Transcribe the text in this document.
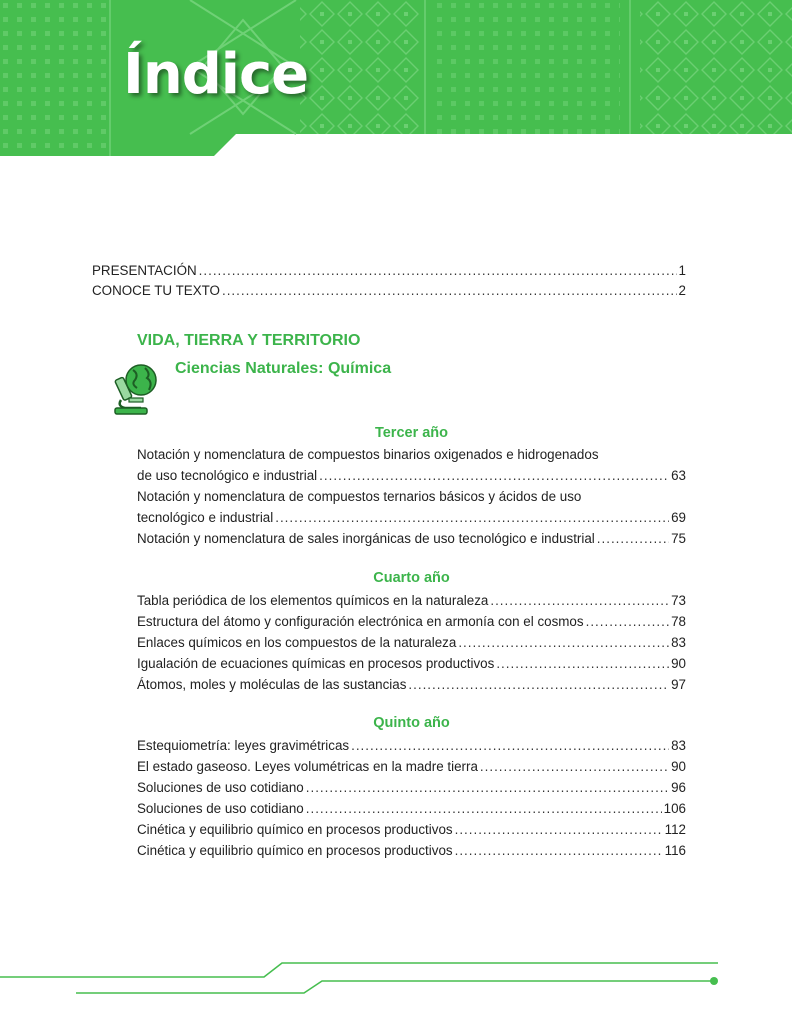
Índice
PRESENTACIÓN .....	1
CONOCE TU TEXTO .....	2
VIDA, TIERRA Y TERRITORIO
Ciencias Naturales: Química
Tercer año
Notación y nomenclatura de compuestos binarios oxigenados e hidrogenados
de uso tecnológico e industrial .....	63
Notación y nomenclatura de compuestos ternarios básicos y ácidos de uso
tecnológico e industrial .....	69
Notación y nomenclatura de sales inorgánicas de uso tecnológico e industrial .....	75
Cuarto año
Tabla periódica de los elementos químicos en la naturaleza .....	73
Estructura del átomo y configuración electrónica en armonía con el cosmos .....	78
Enlaces químicos en los compuestos de la naturaleza .....	83
Igualación de ecuaciones químicas en procesos productivos .....	90
Átomos, moles y moléculas de las sustancias .....	97
Quinto año
Estequiometría: leyes gravimétricas .....	83
El estado gaseoso. Leyes volumétricas en la madre tierra .....	90
Soluciones de uso cotidiano .....	96
Soluciones de uso cotidiano .....	106
Cinética y equilibrio químico en procesos productivos .....	112
Cinética y equilibrio químico en procesos productivos .....	116
